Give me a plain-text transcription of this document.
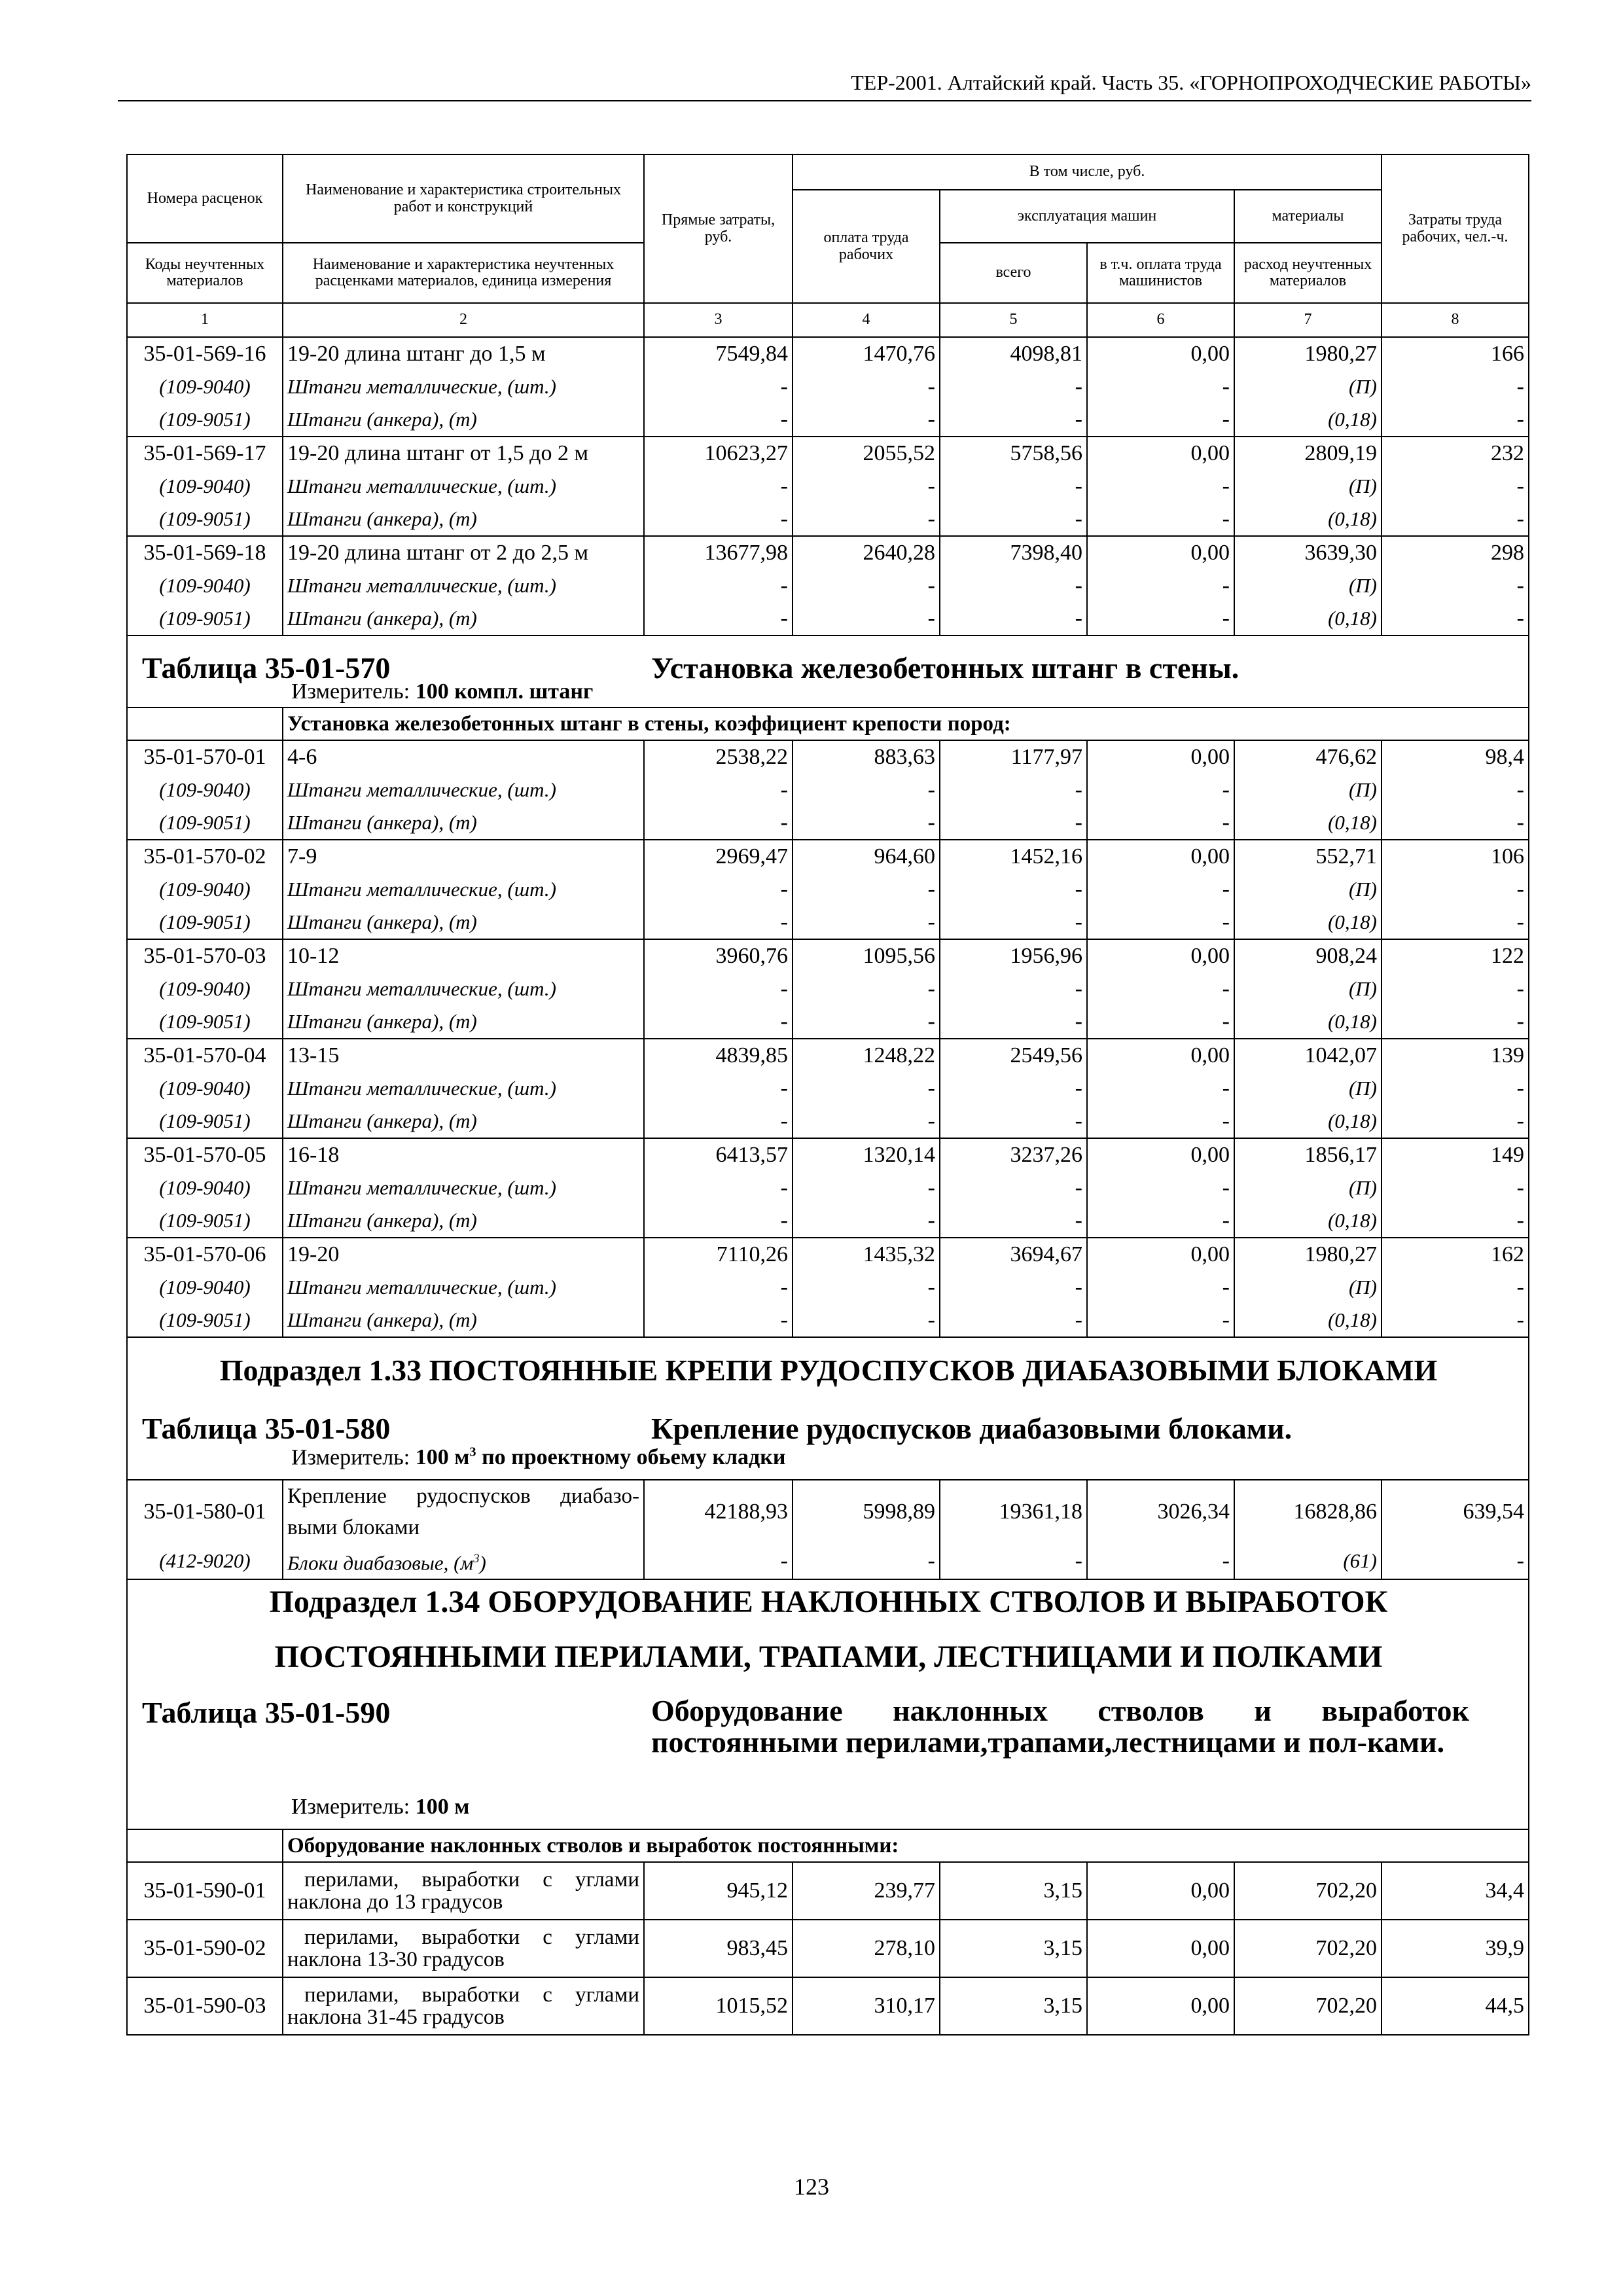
ТЕР-2001. Алтайский край. Часть 35. «ГОРНОПРОХОДЧЕСКИЕ РАБОТЫ»
Номера расценок	Наименование и характеристика строительных работ и конструкций	Прямые затраты, руб.	В том числе, руб.				Затраты труда рабочих, чел.-ч.
			оплата труда рабочих	эксплуатация машин		материалы	
Коды неучтенных материалов	Наименование и характеристика неучтенных расценками материалов, единица измерения			всего	в т.ч. оплата труда машинистов	расход неучтенных материалов	
1	2	3	4	5	6	7	8
35-01-569-16	19-20 длина штанг до 1,5 м	7549,84	1470,76	4098,81	0,00	1980,27	166
(109-9040)	Штанги металлические, (шт.)	-	-	-	-	(П)	-
(109-9051)	Штанги (анкера), (т)	-	-	-	-	(0,18)	-
35-01-569-17	19-20 длина штанг от 1,5 до 2 м	10623,27	2055,52	5758,56	0,00	2809,19	232
(109-9040)	Штанги металлические, (шт.)	-	-	-	-	(П)	-
(109-9051)	Штанги (анкера), (т)	-	-	-	-	(0,18)	-
35-01-569-18	19-20 длина штанг от 2 до 2,5 м	13677,98	2640,28	7398,40	0,00	3639,30	298
(109-9040)	Штанги металлические, (шт.)	-	-	-	-	(П)	-
(109-9051)	Штанги (анкера), (т)	-	-	-	-	(0,18)	-

Таблица 35-01-570 Установка железобетонных штанг в стены.
Измеритель: 100 компл. штанг							

	Установка железобетонных штанг в стены, коэффициент крепости пород:						
35-01-570-01	4-6	2538,22	883,63	1177,97	0,00	476,62	98,4
(109-9040)	Штанги металлические, (шт.)	-	-	-	-	(П)	-
(109-9051)	Штанги (анкера), (т)	-	-	-	-	(0,18)	-
35-01-570-02	7-9	2969,47	964,60	1452,16	0,00	552,71	106
(109-9040)	Штанги металлические, (шт.)	-	-	-	-	(П)	-
(109-9051)	Штанги (анкера), (т)	-	-	-	-	(0,18)	-
35-01-570-03	10-12	3960,76	1095,56	1956,96	0,00	908,24	122
(109-9040)	Штанги металлические, (шт.)	-	-	-	-	(П)	-
(109-9051)	Штанги (анкера), (т)	-	-	-	-	(0,18)	-
35-01-570-04	13-15	4839,85	1248,22	2549,56	0,00	1042,07	139
(109-9040)	Штанги металлические, (шт.)	-	-	-	-	(П)	-
(109-9051)	Штанги (анкера), (т)	-	-	-	-	(0,18)	-
35-01-570-05	16-18	6413,57	1320,14	3237,26	0,00	1856,17	149
(109-9040)	Штанги металлические, (шт.)	-	-	-	-	(П)	-
(109-9051)	Штанги (анкера), (т)	-	-	-	-	(0,18)	-
35-01-570-06	19-20	7110,26	1435,32	3694,67	0,00	1980,27	162
(109-9040)	Штанги металлические, (шт.)	-	-	-	-	(П)	-
(109-9051)	Штанги (анкера), (т)	-	-	-	-	(0,18)	-

Подраздел 1.33 ПОСТОЯННЫЕ КРЕПИ РУДОСПУСКОВ ДИАБАЗОВЫМИ БЛОКАМИ
Таблица 35-01-580 Крепление рудоспусков диабазовыми блоками.
Измеритель: 100 $м^3$ по проектному обьему кладки							

35-01-580-01	Крепление рудоспусков диабазо-выми блоками	42188,93	5998,89	19361,18	3026,34	16828,86	639,54
(412-9020)	Блоки диабазовые, $(м^3)$	-	-	-	-	(61)	-

Подраздел 1.34 ОБОРУДОВАНИЕ НАКЛОННЫХ СТВОЛОВ И ВЫРАБОТОК
ПОСТОЯННЫМИ ПЕРИЛАМИ, ТРАПАМИ, ЛЕСТНИЦАМИ И ПОЛКАМИ
Таблица 35-01-590 Оборудование наклонных стволов и выработок постоянными перилами,трапами,лестницами и пол-ками.
Измеритель: 100 м							

	Оборудование наклонных стволов и выработок постоянными:						
35-01-590-01	перилами, выработки с углами наклона до 13 градусов	945,12	239,77	3,15	0,00	702,20	34,4
35-01-590-02	перилами, выработки с углами наклона 13-30 градусов	983,45	278,10	3,15	0,00	702,20	39,9
35-01-590-03	перилами, выработки с углами наклона 31-45 градусов	1015,52	310,17	3,15	0,00	702,20	44,5
123
